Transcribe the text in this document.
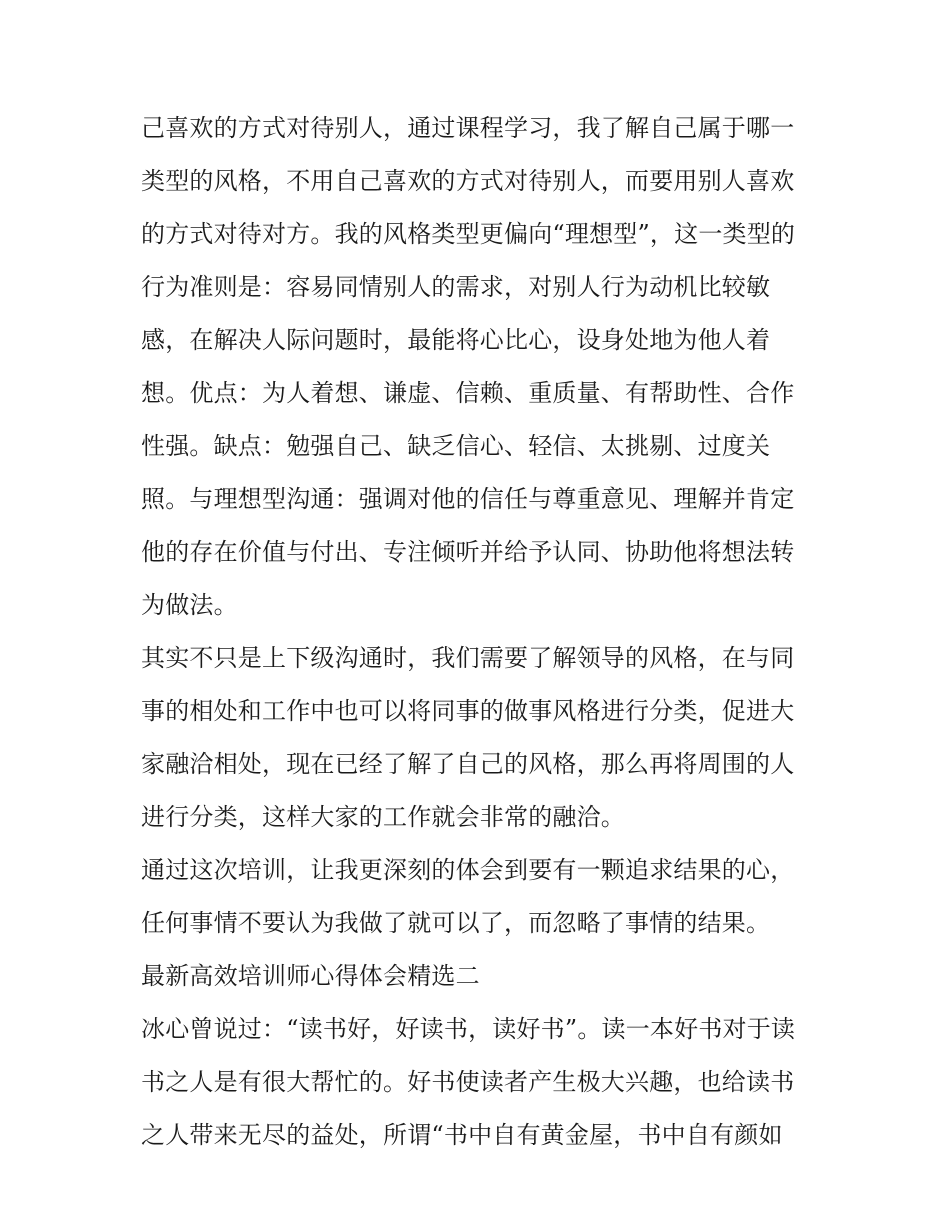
己喜欢的方式对待别人，通过课程学习，我了解自己属于哪一
类型的风格，不用自己喜欢的方式对待别人，而要用别人喜欢
的方式对待对方。我的风格类型更偏向“理想型”，这一类型的
行为准则是：容易同情别人的需求，对别人行为动机比较敏
感，在解决人际问题时，最能将心比心，设身处地为他人着
想。优点：为人着想、谦虚、信赖、重质量、有帮助性、合作
性强。缺点：勉强自己、缺乏信心、轻信、太挑剔、过度关
照。与理想型沟通：强调对他的信任与尊重意见、理解并肯定
他的存在价值与付出、专注倾听并给予认同、协助他将想法转
为做法。
其实不只是上下级沟通时，我们需要了解领导的风格，在与同
事的相处和工作中也可以将同事的做事风格进行分类，促进大
家融洽相处，现在已经了解了自己的风格，那么再将周围的人
进行分类，这样大家的工作就会非常的融洽。
通过这次培训，让我更深刻的体会到要有一颗追求结果的心，
任何事情不要认为我做了就可以了，而忽略了事情的结果。
最新高效培训师心得体会精选二
冰心曾说过：“读书好，好读书，读好书”。读一本好书对于读
书之人是有很大帮忙的。好书使读者产生极大兴趣，也给读书
之人带来无尽的益处，所谓“书中自有黄金屋，书中自有颜如
